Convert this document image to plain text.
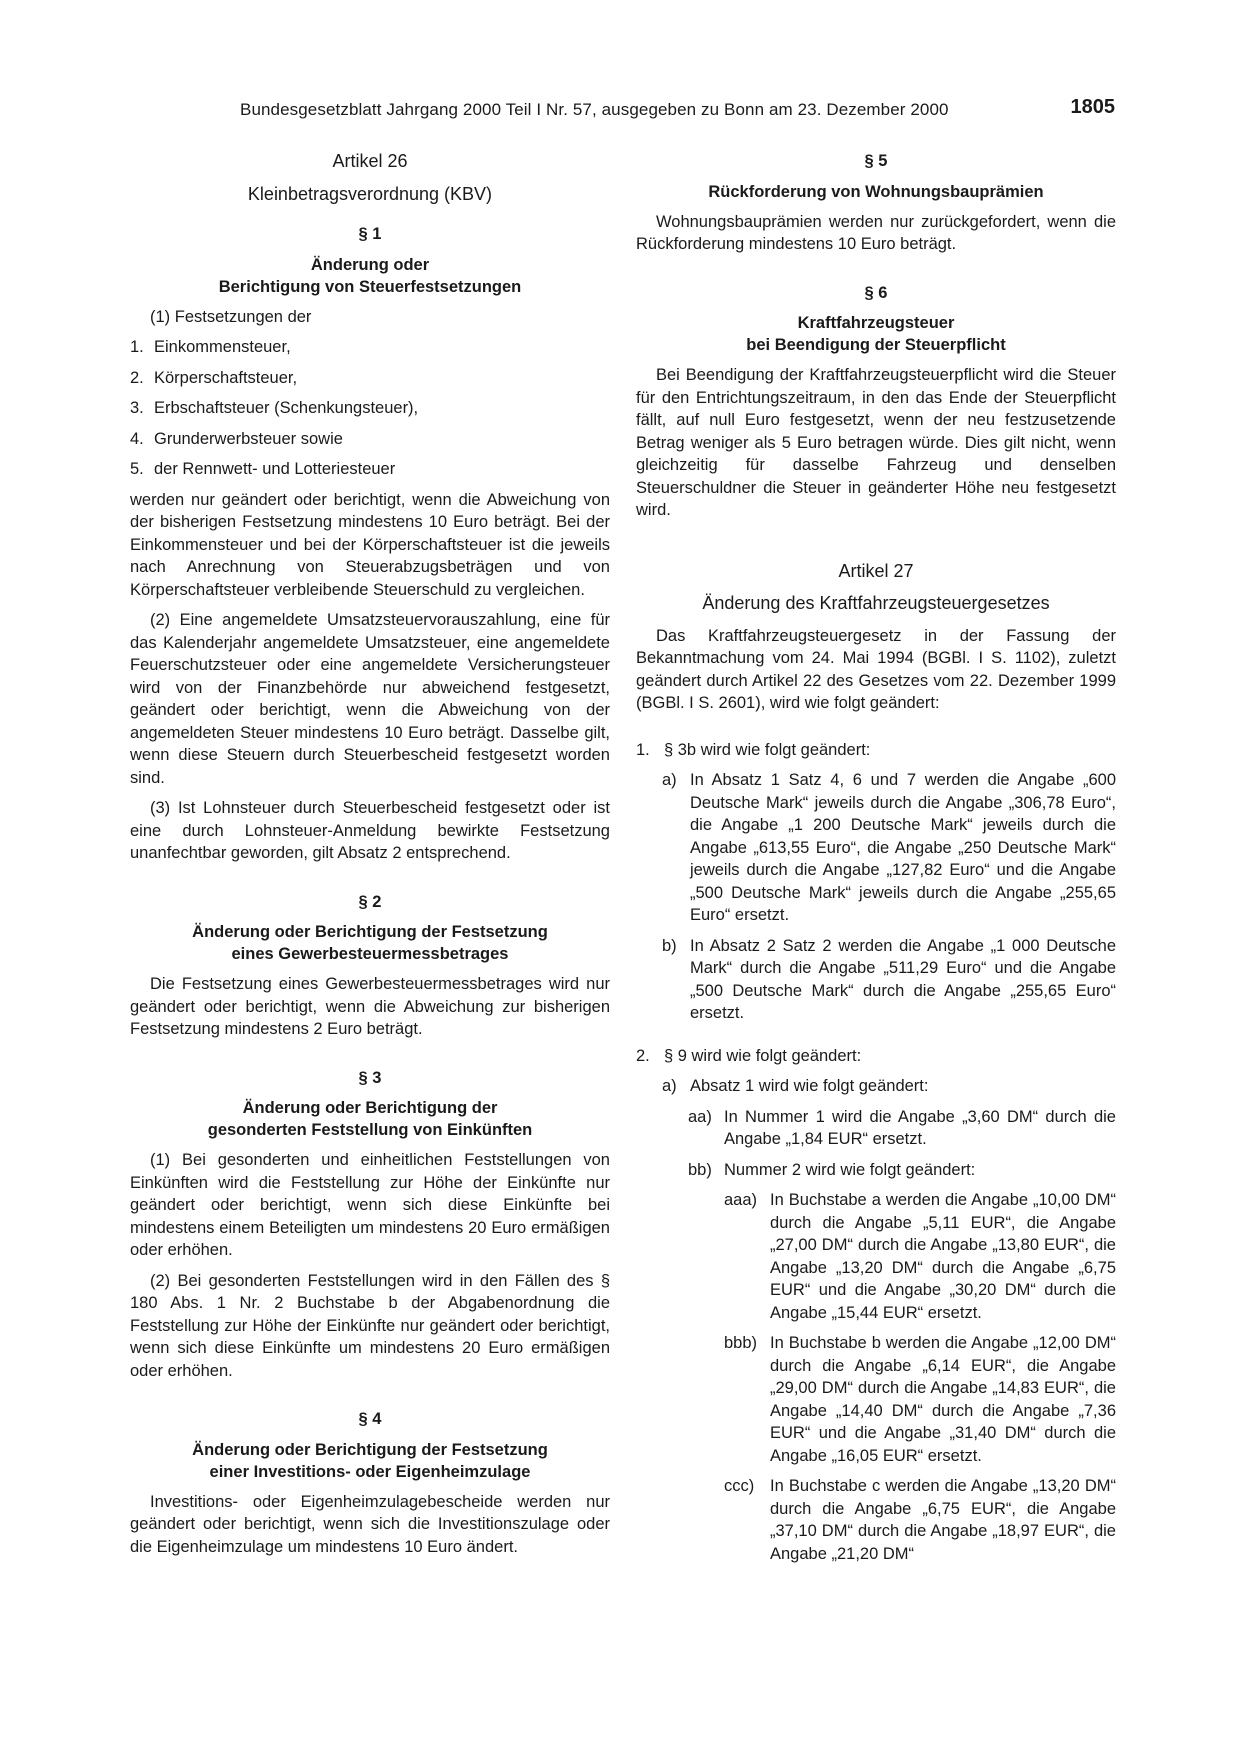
Bundesgesetzblatt Jahrgang 2000 Teil I Nr. 57, ausgegeben zu Bonn am 23. Dezember 2000	1805
Artikel 26
Kleinbetragsverordnung (KBV)
§ 1
Änderung oder
Berichtigung von Steuerfestsetzungen

(1) Festsetzungen der

1. Einkommensteuer,
2. Körperschaftsteuer,
3. Erbschaftsteuer (Schenkungsteuer),
4. Grunderwerbsteuer sowie
5. der Rennwett- und Lotteriesteuer

werden nur geändert oder berichtigt, wenn die Abweichung von der bisherigen Festsetzung mindestens 10 Euro beträgt. Bei der Einkommensteuer und bei der Körperschaftsteuer ist die jeweils nach Anrechnung von Steuerabzugsbeträgen und von Körperschaftsteuer verbleibende Steuerschuld zu vergleichen.

(2) Eine angemeldete Umsatzsteuervorauszahlung, eine für das Kalenderjahr angemeldete Umsatzsteuer, eine angemeldete Feuerschutzsteuer oder eine angemeldete Versicherungsteuer wird von der Finanzbehörde nur abweichend festgesetzt, geändert oder berichtigt, wenn die Abweichung von der angemeldeten Steuer mindestens 10 Euro beträgt. Dasselbe gilt, wenn diese Steuern durch Steuerbescheid festgesetzt worden sind.

(3) Ist Lohnsteuer durch Steuerbescheid festgesetzt oder ist eine durch Lohnsteuer-Anmeldung bewirkte Festsetzung unanfechtbar geworden, gilt Absatz 2 entsprechend.

§ 2
Änderung oder Berichtigung der Festsetzung
eines Gewerbesteuermessbetrages

Die Festsetzung eines Gewerbesteuermessbetrages wird nur geändert oder berichtigt, wenn die Abweichung zur bisherigen Festsetzung mindestens 2 Euro beträgt.

§ 3
Änderung oder Berichtigung der
gesonderten Feststellung von Einkünften

(1) Bei gesonderten und einheitlichen Feststellungen von Einkünften wird die Feststellung zur Höhe der Einkünfte nur geändert oder berichtigt, wenn sich diese Einkünfte bei mindestens einem Beteiligten um mindestens 20 Euro ermäßigen oder erhöhen.

(2) Bei gesonderten Feststellungen wird in den Fällen des § 180 Abs. 1 Nr. 2 Buchstabe b der Abgabenordnung die Feststellung zur Höhe der Einkünfte nur geändert oder berichtigt, wenn sich diese Einkünfte um mindestens 20 Euro ermäßigen oder erhöhen.

§ 4
Änderung oder Berichtigung der Festsetzung
einer Investitions- oder Eigenheimzulage

Investitions- oder Eigenheimzulagebescheide werden nur geändert oder berichtigt, wenn sich die Investitionszulage oder die Eigenheimzulage um mindestens 10 Euro ändert.

§ 5
Rückforderung von Wohnungsbauprämien

Wohnungsbauprämien werden nur zurückgefordert, wenn die Rückforderung mindestens 10 Euro beträgt.

§ 6
Kraftfahrzeugsteuer
bei Beendigung der Steuerpflicht

Bei Beendigung der Kraftfahrzeugsteuerpflicht wird die Steuer für den Entrichtungszeitraum, in den das Ende der Steuerpflicht fällt, auf null Euro festgesetzt, wenn der neu festzusetzende Betrag weniger als 5 Euro betragen würde. Dies gilt nicht, wenn gleichzeitig für dasselbe Fahrzeug und denselben Steuerschuldner die Steuer in geänderter Höhe neu festgesetzt wird.

Artikel 27
Änderung des Kraftfahrzeugsteuergesetzes

Das Kraftfahrzeugsteuergesetz in der Fassung der Bekanntmachung vom 24. Mai 1994 (BGBl. I S. 1102), zuletzt geändert durch Artikel 22 des Gesetzes vom 22. Dezember 1999 (BGBl. I S. 2601), wird wie folgt geändert:

1. § 3b wird wie folgt geändert:
a) In Absatz 1 Satz 4, 6 und 7 werden die Angabe „600 Deutsche Mark“ jeweils durch die Angabe „306,78 Euro“, die Angabe „1 200 Deutsche Mark“ jeweils durch die Angabe „613,55 Euro“, die Angabe „250 Deutsche Mark“ jeweils durch die Angabe „127,82 Euro“ und die Angabe „500 Deutsche Mark“ jeweils durch die Angabe „255,65 Euro“ ersetzt.
b) In Absatz 2 Satz 2 werden die Angabe „1 000 Deutsche Mark“ durch die Angabe „511,29 Euro“ und die Angabe „500 Deutsche Mark“ durch die Angabe „255,65 Euro“ ersetzt.
2. § 9 wird wie folgt geändert:
a) Absatz 1 wird wie folgt geändert:
aa) In Nummer 1 wird die Angabe „3,60 DM“ durch die Angabe „1,84 EUR“ ersetzt.
bb) Nummer 2 wird wie folgt geändert:
aaa) In Buchstabe a werden die Angabe „10,00 DM“ durch die Angabe „5,11 EUR“, die Angabe „27,00 DM“ durch die Angabe „13,80 EUR“, die Angabe „13,20 DM“ durch die Angabe „6,75 EUR“ und die Angabe „30,20 DM“ durch die Angabe „15,44 EUR“ ersetzt.
bbb) In Buchstabe b werden die Angabe „12,00 DM“ durch die Angabe „6,14 EUR“, die Angabe „29,00 DM“ durch die Angabe „14,83 EUR“, die Angabe „14,40 DM“ durch die Angabe „7,36 EUR“ und die Angabe „31,40 DM“ durch die Angabe „16,05 EUR“ ersetzt.
ccc) In Buchstabe c werden die Angabe „13,20 DM“ durch die Angabe „6,75 EUR“, die Angabe „37,10 DM“ durch die Angabe „18,97 EUR“, die Angabe „21,20 DM“
